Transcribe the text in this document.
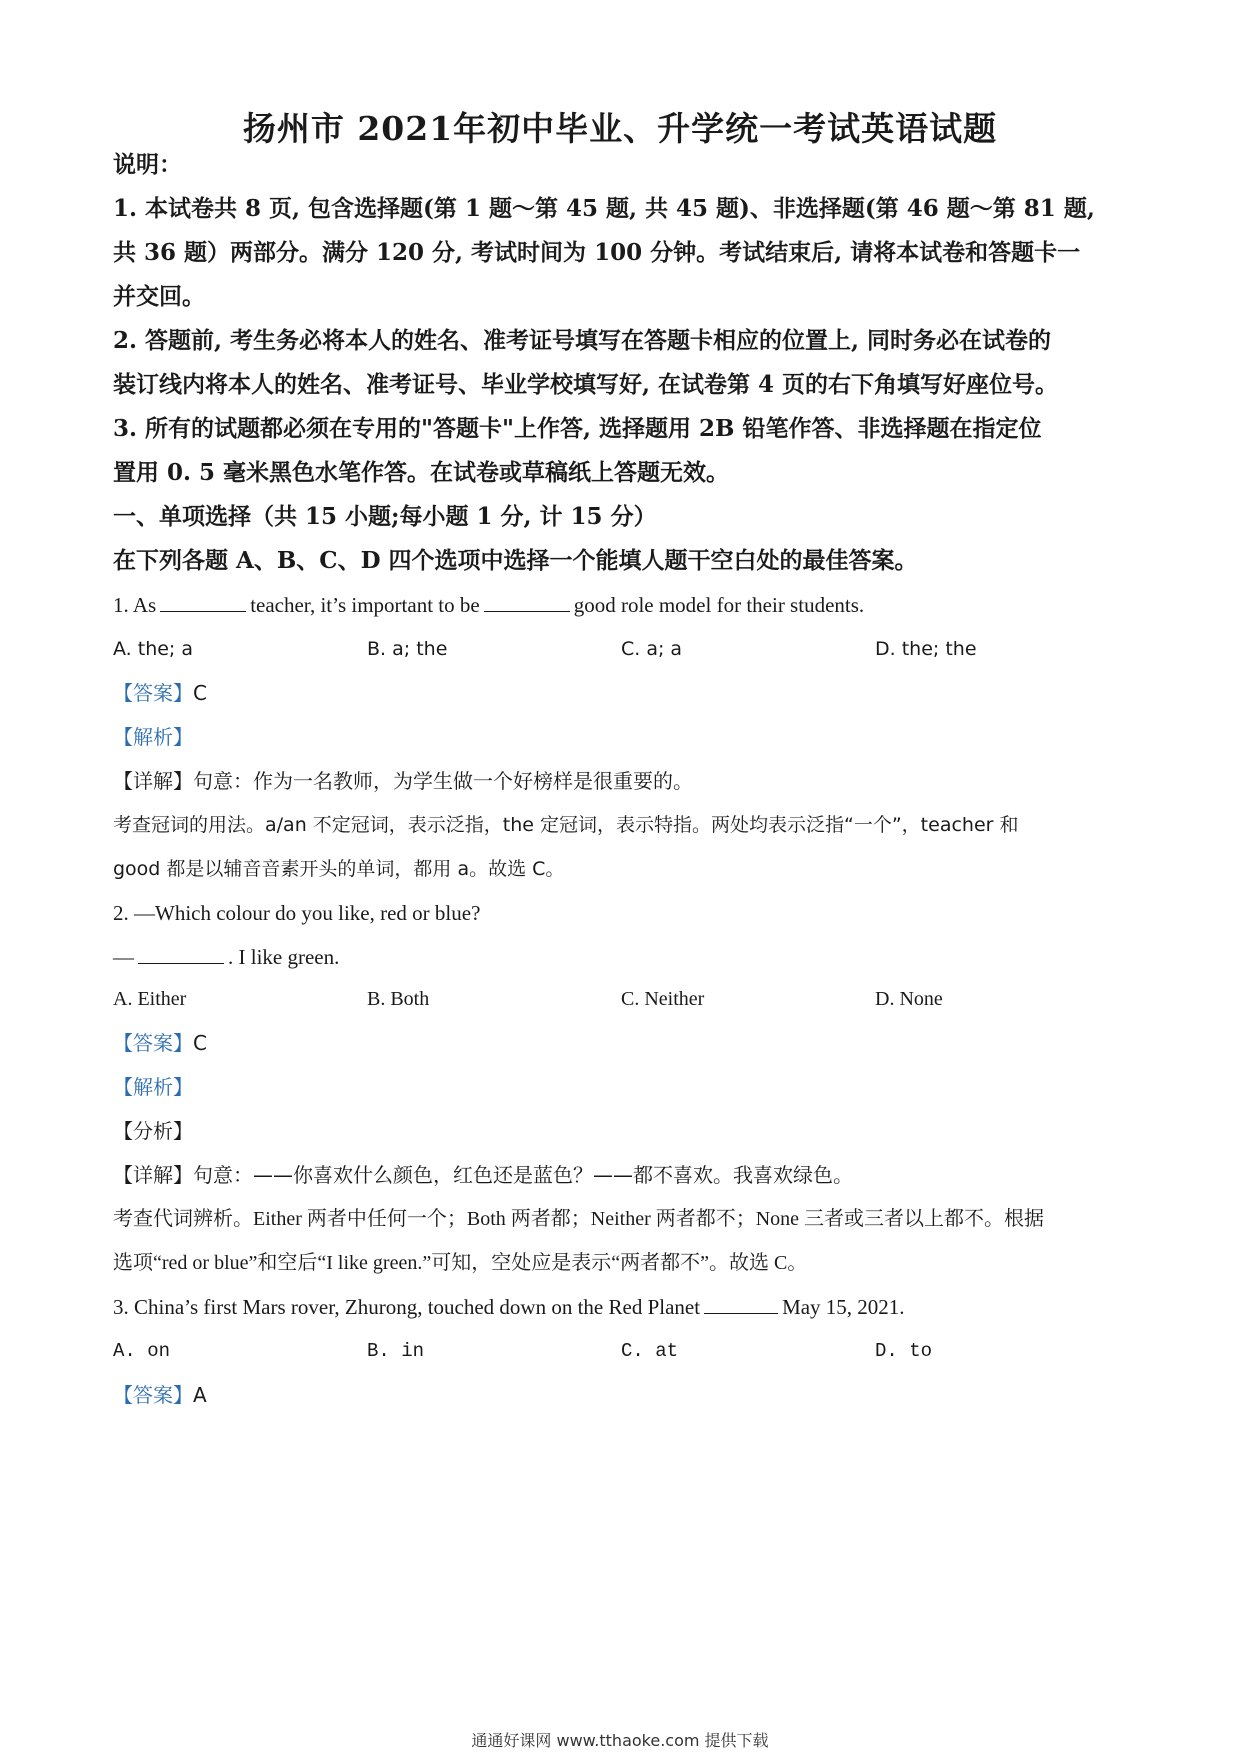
扬州市 2021年初中毕业、升学统一考试英语试题
说明：
1. 本试卷共 8 页, 包含选择题(第 1 题～第 45 题, 共 45 题)、非选择题(第 46 题～第 81 题,
共 36 题）两部分。满分 120 分, 考试时间为 100 分钟。考试结束后, 请将本试卷和答题卡一
并交回。
2. 答题前, 考生务必将本人的姓名、准考证号填写在答题卡相应的位置上, 同时务必在试卷的
装订线内将本人的姓名、准考证号、毕业学校填写好, 在试卷第 4 页的右下角填写好座位号。
3. 所有的试题都必须在专用的"答题卡"上作答, 选择题用 2B 铅笔作答、非选择题在指定位
置用 0. 5 毫米黑色水笔作答。在试卷或草稿纸上答题无效。
一、单项选择（共 15 小题;每小题 1 分, 计 15 分）
在下列各题 A、B、C、D 四个选项中选择一个能填人题干空白处的最佳答案。
1. As	teacher, it’s important to be	good role model for their students.
A. the; a	B. a; the	C. a; a	D. the; the
【答案】C
【解析】
【详解】句意：作为一名教师，为学生做一个好榜样是很重要的。
考查冠词的用法。a/an 不定冠词，表示泛指，the 定冠词，表示特指。两处均表示泛指“一个”，teacher 和
good 都是以辅音音素开头的单词，都用 a。故选 C。
2. —Which colour do you like, red or blue?
—	. I like green.
A. Either	B. Both	C. Neither	D. None
【答案】C
【解析】
【分析】
【详解】句意：——你喜欢什么颜色，红色还是蓝色？——都不喜欢。我喜欢绿色。
考查代词辨析。Either 两者中任何一个；Both 两者都；Neither 两者都不；None 三者或三者以上都不。根据
选项“red or blue”和空后“I like green.”可知，空处应是表示“两者都不”。故选 C。
3. China’s first Mars rover, Zhurong, touched down on the Red Planet	May 15, 2021.
A. on	B. in	C. at	D. to
【答案】A
通通好课网 www.tthaoke.com 提供下载
